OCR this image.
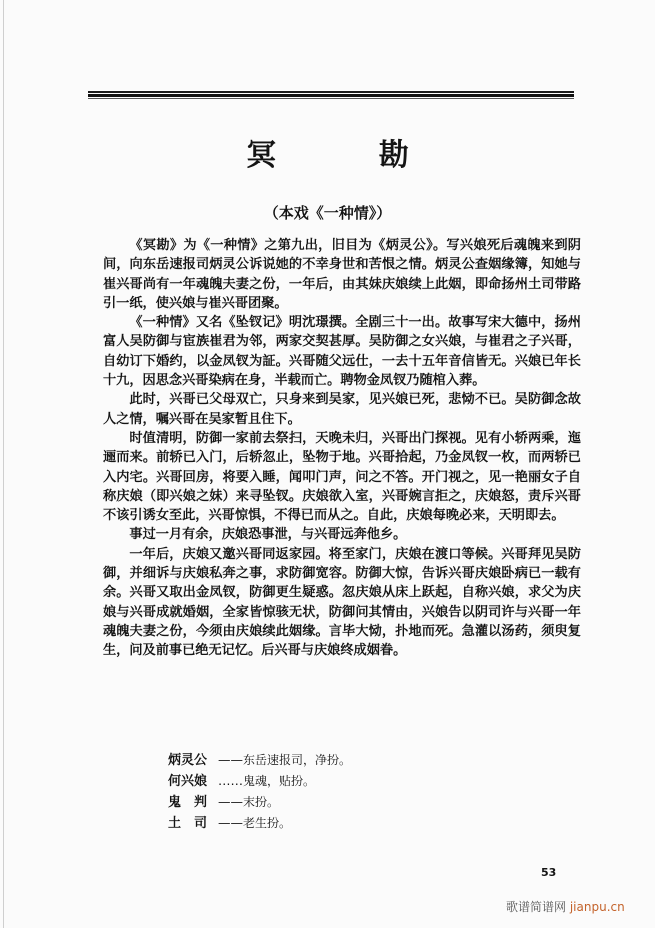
冥 勘
（本戏《一种情》）

《冥勘》为《一种情》之第九出，旧目为《炳灵公》。写兴娘死后魂魄来到阴间，向东岳速报司炳灵公诉说她的不幸身世和苦恨之情。炳灵公查姻缘簿，知她与崔兴哥尚有一年魂魄夫妻之份，一年后，由其妹庆娘续上此姻，即命扬州土司带路引一纸，使兴娘与崔兴哥团聚。

《一种情》又名《坠钗记》明沈璟撰。全剧三十一出。故事写宋大德中，扬州富人吴防御与宦族崔君为邻，两家交契甚厚。吴防御之女兴娘，与崔君之子兴哥，自幼订下婚约，以金凤钗为証。兴哥随父远仕，一去十五年音信皆无。兴娘已年长十九，因思念兴哥染病在身，半载而亡。聘物金凤钗乃随棺入葬。

此时，兴哥已父母双亡，只身来到吴家，见兴娘已死，悲恸不已。吴防御念故人之情，嘱兴哥在吴家暂且住下。

时值清明，防御一家前去祭扫，天晚未归，兴哥出门探视。见有小轿两乘，迤逦而来。前轿已入门，后轿忽止，坠物于地。兴哥拾起，乃金凤钗一枚，而两轿已入内宅。兴哥回房，将要入睡，闻叩门声，问之不答。开门视之，见一艳丽女子自称庆娘（即兴娘之妹）来寻坠钗。庆娘欲入室，兴哥婉言拒之，庆娘怒，责斥兴哥不该引诱女至此，兴哥惊惧，不得已而从之。自此，庆娘每晚必来，天明即去。

事过一月有余，庆娘恐事泄，与兴哥远奔他乡。

一年后，庆娘又邀兴哥同返家园。将至家门，庆娘在渡口等候。兴哥拜见吴防御，并细诉与庆娘私奔之事，求防御宽容。防御大惊，告诉兴哥庆娘卧病已一载有余。兴哥又取出金凤钗，防御更生疑惑。忽庆娘从床上跃起，自称兴娘，求父为庆娘与兴哥成就婚姻，全家皆惊骇无状，防御问其情由，兴娘告以阴司许与兴哥一年魂魄夫妻之份，今须由庆娘续此姻缘。言毕大恸，扑地而死。急灌以汤药，须臾复生，问及前事已绝无记忆。后兴哥与庆娘终成姻眷。

炳灵公 —— 东岳速报司，净扮。
何兴娘 …… 鬼魂，贴扮。
鬼　判 —— 末扮。
土　司 —— 老生扮。
53
歌谱简谱网 jianpu.cn
